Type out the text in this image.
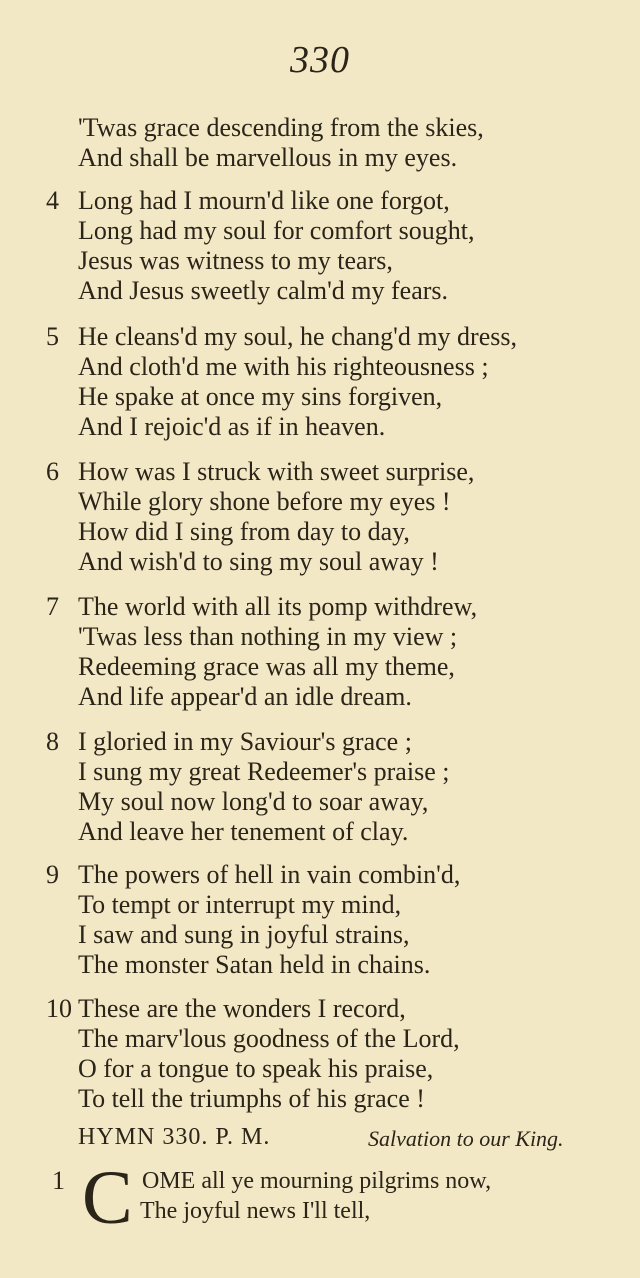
330
'Twas grace descending from the skies,
And shall be marvellous in my eyes.
4 Long had I mourn'd like one forgot,
Long had my soul for comfort sought,
Jesus was witness to my tears,
And Jesus sweetly calm'd my fears.
5 He cleans'd my soul, he chang'd my dress,
And cloth'd me with his righteousness ;
He spake at once my sins forgiven,
And I rejoic'd as if in heaven.
6 How was I struck with sweet surprise,
While glory shone before my eyes !
How did I sing from day to day,
And wish'd to sing my soul away !
7 The world with all its pomp withdrew,
'Twas less than nothing in my view ;
Redeeming grace was all my theme,
And life appear'd an idle dream.
8 I gloried in my Saviour's grace ;
I sung my great Redeemer's praise ;
My soul now long'd to soar away,
And leave her tenement of clay.
9 The powers of hell in vain combin'd,
To tempt or interrupt my mind,
I saw and sung in joyful strains,
The monster Satan held in chains.
10 These are the wonders I record,
The marv'lous goodness of the Lord,
O for a tongue to speak his praise,
To tell the triumphs of his grace !
HYMN 330. P. M.	Salvation to our King.
1 C OME all ye mourning pilgrims now,
The joyful news I'll tell,
